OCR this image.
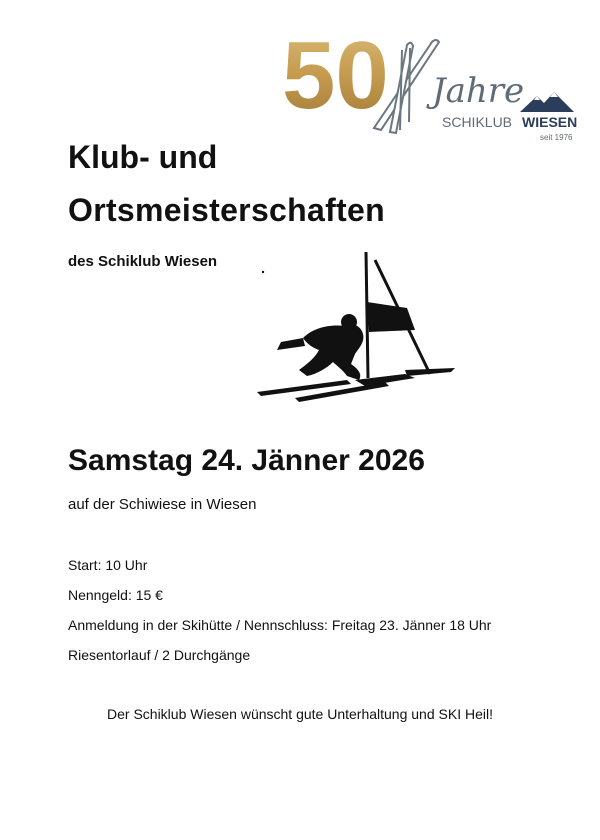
50 Jahre
SCHIKLUB WIESEN
seit 1976
Klub- und
Ortsmeisterschaften
des Schiklub Wiesen
Samstag 24. Jänner 2026
auf der Schiwiese in Wiesen
Start: 10 Uhr
Nenngeld: 15 €
Anmeldung in der Skihütte / Nennschluss: Freitag 23. Jänner 18 Uhr
Riesentorlauf / 2 Durchgänge
Der Schiklub Wiesen wünscht gute Unterhaltung und SKI Heil!
